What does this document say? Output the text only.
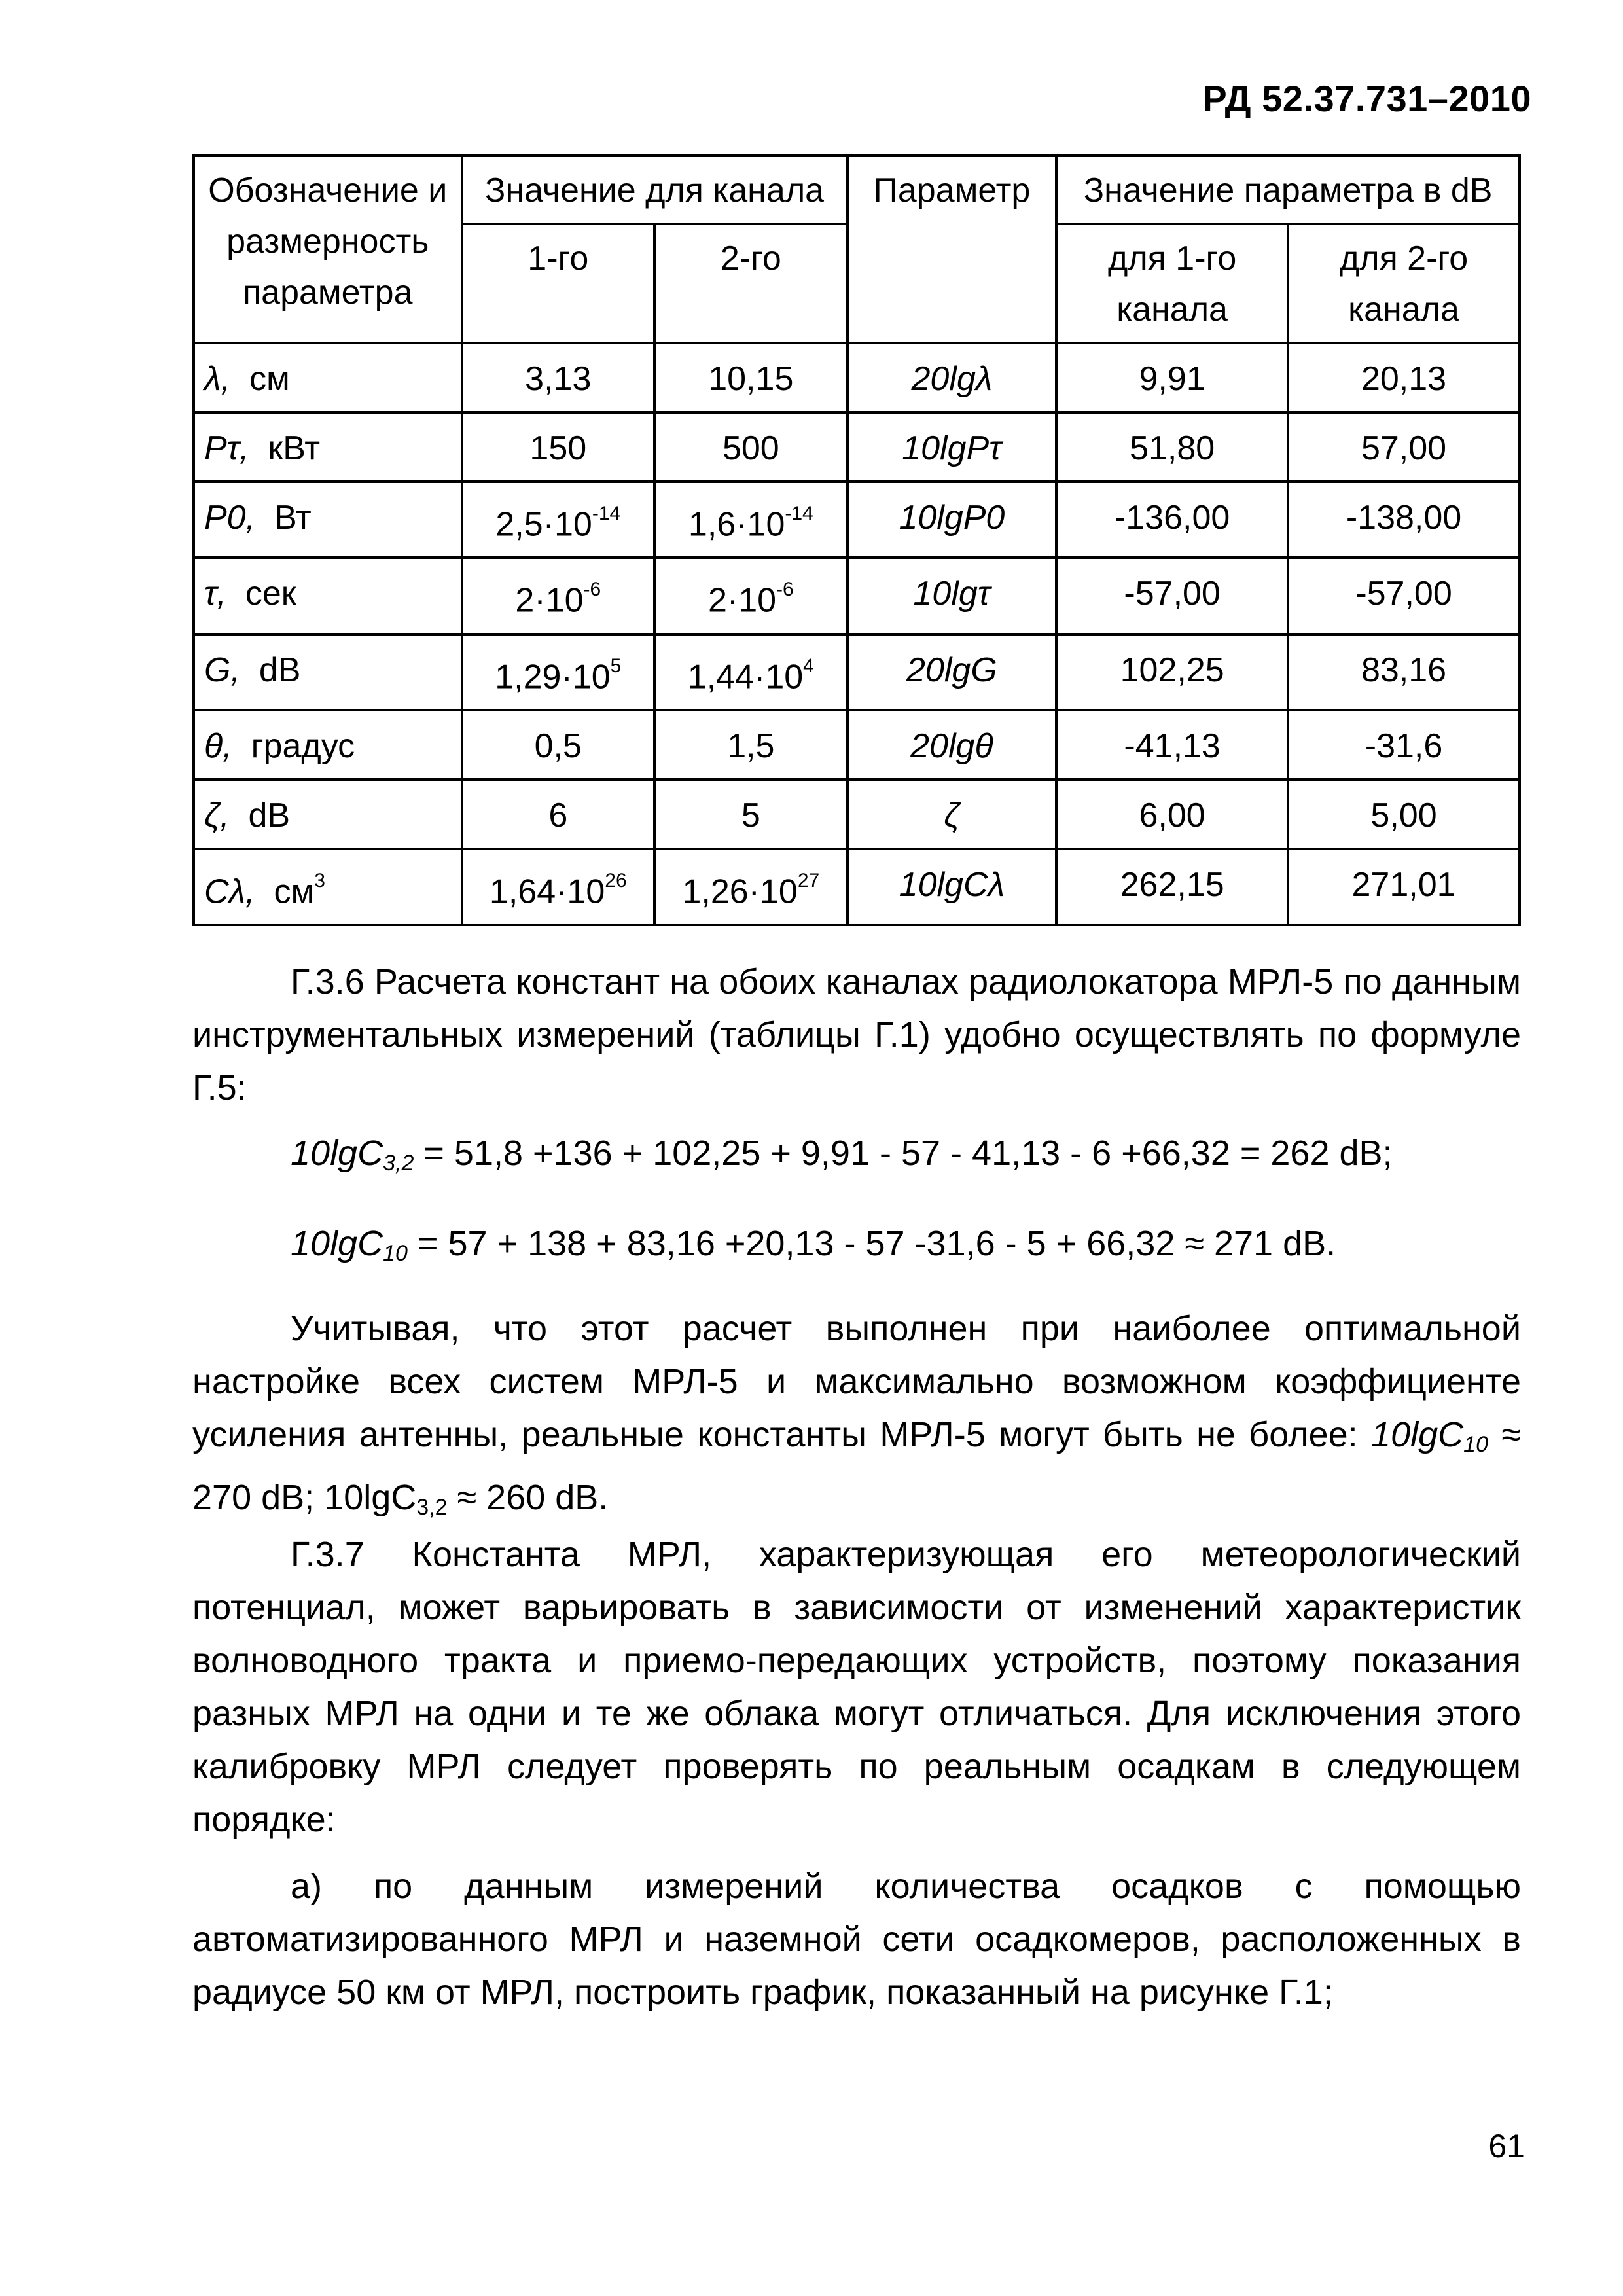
РД 52.37.731–2010
Обозначение и размерность параметра	Значение для канала		Параметр	Значение параметра в dB	
	1-го	2-го		для 1-го канала	для 2-го канала
λ, см	3,13	10,15	20lgλ	9,91	20,13
Pτ, кВт	150	500	10lgPτ	51,80	57,00
P0, Вт	$2,5\cdot 10^{-14}$	$1,6\cdot 10^{-14}$	10lgP0	-136,00	-138,00
τ, сек	$2\cdot 10^{-6}$	$2\cdot 10^{-6}$	10lgτ	-57,00	-57,00
G, dB	$1,29\cdot 10^5$	$1,44\cdot 10^4$	20lgG	102,25	83,16
θ, градус	0,5	1,5	20lgθ	-41,13	-31,6
ζ, dB	6	5	ζ	6,00	5,00
Cλ, $см^3$	$1,64\cdot 10^{26}$	$1,26\cdot 10^{27}$	10lgCλ	262,15	271,01
Г.3.6 Расчета констант на обоих каналах радиолокатора МРЛ-5 по данным инструментальных измерений (таблицы Г.1) удобно осуществлять по формуле Г.5:
10lgC$_{3,2}$ = 51,8 +136 + 102,25 + 9,91 - 57 - 41,13 - 6 +66,32 = 262 dB;
10lgC$_{10}$ = 57 + 138 + 83,16 +20,13 - 57 -31,6 - 5 + 66,32 ≈ 271 dB.
Учитывая, что этот расчет выполнен при наиболее оптимальной настройке всех систем МРЛ-5 и максимально возможном коэффициенте усиления антенны, реальные константы МРЛ-5 могут быть не более: 10lgC$_{10}$ ≈ 270 dB; 10lgC$_{3,2}$ ≈ 260 dB.
Г.3.7 Константа МРЛ, характеризующая его метеорологический потенциал, может варьировать в зависимости от изменений характеристик волноводного тракта и приемо-передающих устройств, поэтому показания разных МРЛ на одни и те же облака могут отличаться. Для исключения этого калибровку МРЛ следует проверять по реальным осадкам в следующем порядке:
а) по данным измерений количества осадков с помощью автоматизированного МРЛ и наземной сети осадкомеров, расположенных в радиусе 50 км от МРЛ, построить график, показанный на рисунке Г.1;
61
